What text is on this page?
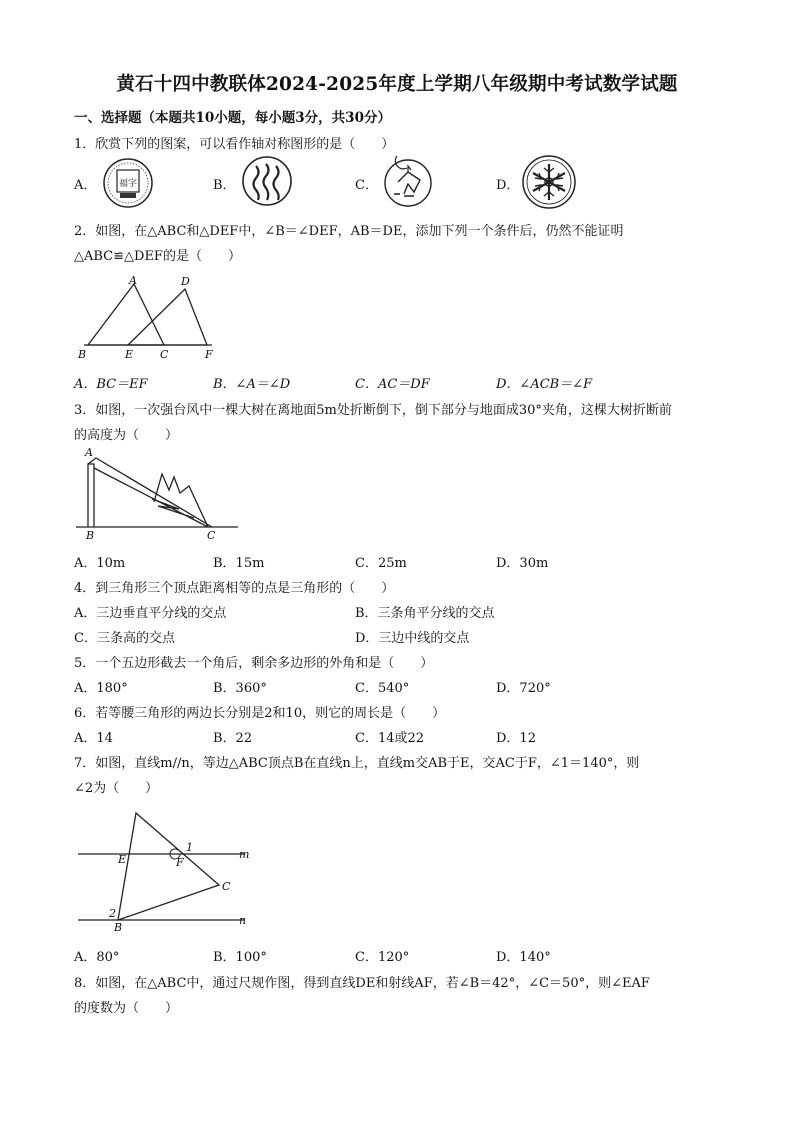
黄石十四中教联体2024-2025年度上学期八年级期中考试数学试题
一、选择题（本题共10小题，每小题3分，共30分）
1．欣赏下列的图案，可以看作轴对称图形的是（　　）
A．	B．	C．	D．
福字
2．如图，在△ABC和△DEF中，∠B＝∠DEF，AB＝DE，添加下列一个条件后，仍然不能证明
△ABC≌△DEF的是（　　）
A	D
B	E C	F
A．BC＝EF	B．∠A＝∠D	C．AC＝DF	D．∠ACB＝∠F
3．如图，一次强台风中一棵大树在离地面5m处折断倒下，倒下部分与地面成30°夹角，这棵大树折断前
的高度为（　　）
A
B	C
A．10m	B．15m	C．25m	D．30m
4．到三角形三个顶点距离相等的点是三角形的（　　）
A．三边垂直平分线的交点	B．三条角平分线的交点
C．三条高的交点	D．三边中线的交点
5．一个五边形截去一个角后，剩余多边形的外角和是（　　）
A．180°	B．360°	C．540°	D．720°
6．若等腰三角形的两边长分别是2和10，则它的周长是（　　）
A．14	B．22	C．14或22	D．12
7．如图，直线m//n，等边△ABC顶点B在直线n上，直线m交AB于E，交AC于F，∠1＝140°，则
∠2为（　　）
E	F
1
m
C
2
B
n
A．80°	B．100°	C．120°	D．140°
8．如图，在△ABC中，通过尺规作图，得到直线DE和射线AF，若∠B＝42°，∠C＝50°，则∠EAF
的度数为（　　）
